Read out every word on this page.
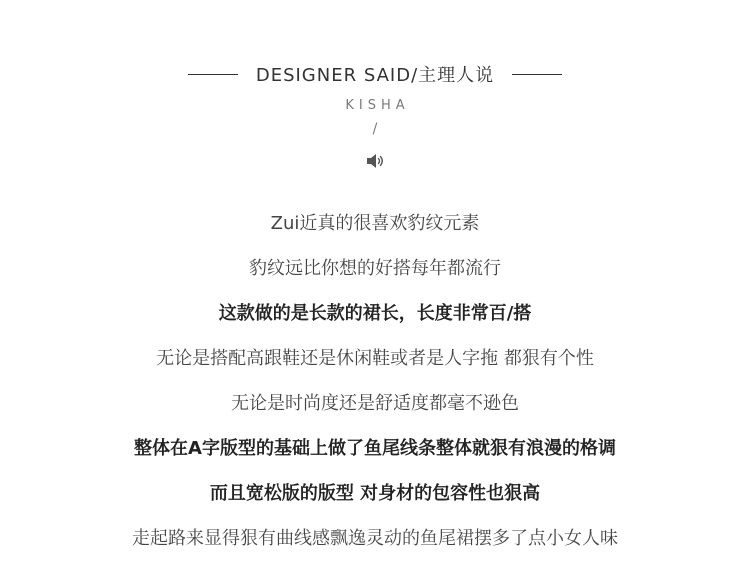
DESIGNER SAID/主理人说
KISHA
/
Zui近真的很喜欢豹纹元素
豹纹远比你想的好搭每年都流行
这款做的是长款的裙长，长度非常百/搭
无论是搭配高跟鞋还是休闲鞋或者是人字拖 都狠有个性
无论是时尚度还是舒适度都毫不逊色
整体在A字版型的基础上做了鱼尾线条整体就狠有浪漫的格调
而且宽松版的版型 对身材的包容性也狠高
走起路来显得狠有曲线感飘逸灵动的鱼尾裙摆多了点小女人味
